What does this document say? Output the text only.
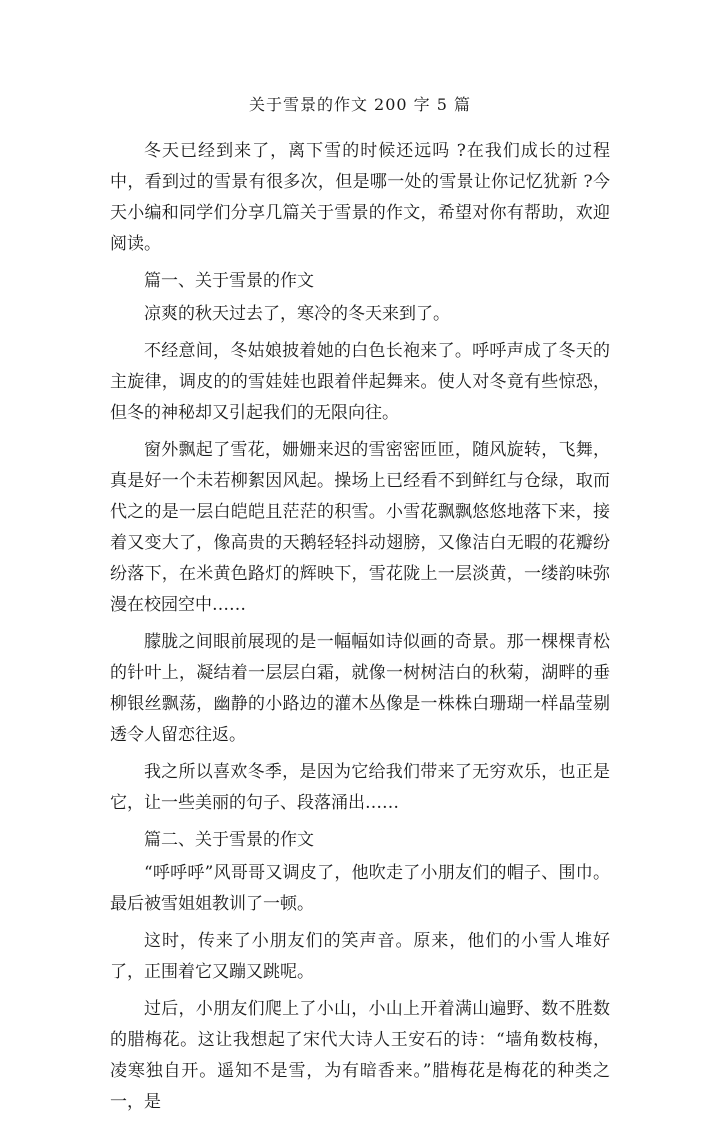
关于雪景的作文 200 字 5 篇

冬天已经到来了，离下雪的时候还远吗 ?在我们成长的过程中，看到过的雪景有很多次，但是哪一处的雪景让你记忆犹新 ?今天小编和同学们分享几篇关于雪景的作文，希望对你有帮助，欢迎阅读。

篇一、关于雪景的作文

凉爽的秋天过去了，寒冷的冬天来到了。

不经意间，冬姑娘披着她的白色长袍来了。呼呼声成了冬天的主旋律，调皮的的雪娃娃也跟着伴起舞来。使人对冬竟有些惊恐，但冬的神秘却又引起我们的无限向往。

窗外飘起了雪花，姗姗来迟的雪密密匝匝，随风旋转，飞舞，真是好一个未若柳絮因风起。操场上已经看不到鲜红与仓绿，取而代之的是一层白皑皑且茫茫的积雪。小雪花飘飘悠悠地落下来，接着又变大了，像高贵的天鹅轻轻抖动翅膀，又像洁白无暇的花瓣纷纷落下，在米黄色路灯的辉映下，雪花陇上一层淡黄，一缕韵味弥漫在校园空中……

朦胧之间眼前展现的是一幅幅如诗似画的奇景。那一棵棵青松的针叶上，凝结着一层层白霜，就像一树树洁白的秋菊，湖畔的垂柳银丝飘荡，幽静的小路边的灌木丛像是一株株白珊瑚一样晶莹剔透令人留恋往返。

我之所以喜欢冬季，是因为它给我们带来了无穷欢乐，也正是它，让一些美丽的句子、段落涌出……

篇二、关于雪景的作文

“呼呼呼”风哥哥又调皮了，他吹走了小朋友们的帽子、围巾。最后被雪姐姐教训了一顿。

这时，传来了小朋友们的笑声音。原来，他们的小雪人堆好了，正围着它又蹦又跳呢。

过后，小朋友们爬上了小山，小山上开着满山遍野、数不胜数的腊梅花。这让我想起了宋代大诗人王安石的诗：“墙角数枝梅，凌寒独自开。遥知不是雪，为有暗香来。”腊梅花是梅花的种类之一，是
